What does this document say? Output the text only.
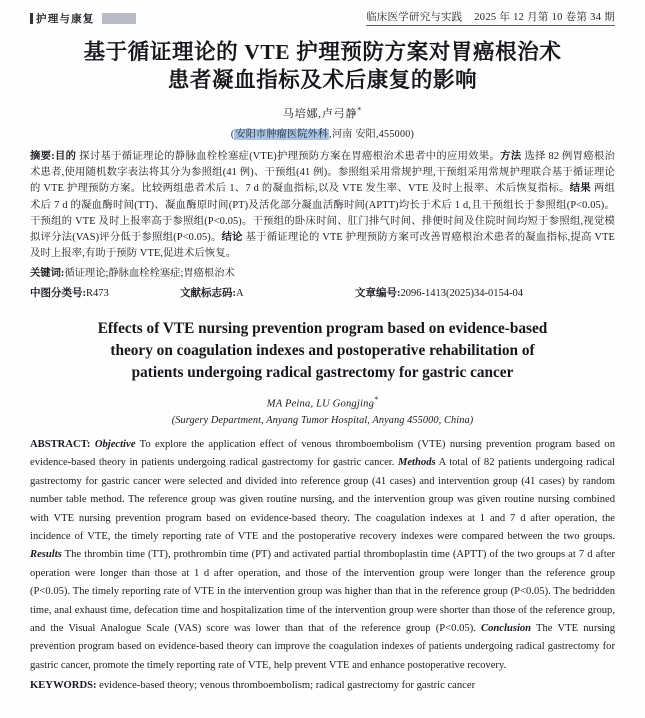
护理与康复	临床医学研究与实践 2025 年 12 月第 10 卷第 34 期
基于循证理论的 VTE 护理预防方案对胃癌根治术
患者凝血指标及术后康复的影响
马培娜,卢弓静*
(安阳市肿瘤医院外科,河南 安阳,455000)
摘要:目的 探讨基于循证理论的静脉血栓栓塞症(VTE)护理预防方案在胃癌根治术患者中的应用效果。方法 选择 82 例胃癌根治术患者,使用随机数字表法将其分为参照组(41 例)、干预组(41 例)。参照组采用常规护理,干预组采用常规护理联合基于循证理论的 VTE 护理预防方案。比较两组患者术后 1、7 d 的凝血指标,以及 VTE 发生率、VTE 及时上报率、术后恢复指标。结果 两组术后 7 d 的凝血酶时间(TT)、凝血酶原时间(PT)及活化部分凝血活酶时间(APTT)均长于术后 1 d,且干预组长于参照组(P<0.05)。干预组的 VTE 及时上报率高于参照组(P<0.05)。干预组的卧床时间、肛门排气时间、排便时间及住院时间均短于参照组,视觉模拟评分法(VAS)评分低于参照组(P<0.05)。结论 基于循证理论的 VTE 护理预防方案可改善胃癌根治术患者的凝血指标,提高 VTE 及时上报率,有助于预防 VTE,促进术后恢复。
关键词:循证理论;静脉血栓栓塞症;胃癌根治术
中图分类号:R473	文献标志码:A	文章编号:2096-1413(2025)34-0154-04
Effects of VTE nursing prevention program based on evidence-based
theory on coagulation indexes and postoperative rehabilitation of
patients undergoing radical gastrectomy for gastric cancer
MA Peina, LU Gongjing*
(Surgery Department, Anyang Tumor Hospital, Anyang 455000, China)
ABSTRACT: Objective To explore the application effect of venous thromboembolism (VTE) nursing prevention program based on evidence-based theory in patients undergoing radical gastrectomy for gastric cancer. Methods A total of 82 patients undergoing radical gastrectomy for gastric cancer were selected and divided into reference group (41 cases) and intervention group (41 cases) by random number table method. The reference group was given routine nursing, and the intervention group was given routine nursing combined with VTE nursing prevention program based on evidence-based theory. The coagulation indexes at 1 and 7 d after operation, the incidence of VTE, the timely reporting rate of VTE and the postoperative recovery indexes were compared between the two groups. Results The thrombin time (TT), prothrombin time (PT) and activated partial thromboplastin time (APTT) of the two groups at 7 d after operation were longer than those at 1 d after operation, and those of the intervention group were longer than the reference group (P<0.05). The timely reporting rate of VTE in the intervention group was higher than that in the reference group (P<0.05). The bedridden time, anal exhaust time, defecation time and hospitalization time of the intervention group were shorter than those of the reference group, and the Visual Analogue Scale (VAS) score was lower than that of the reference group (P<0.05). Conclusion The VTE nursing prevention program based on evidence-based theory can improve the coagulation indexes of patients undergoing radical gastrectomy for gastric cancer, promote the timely reporting rate of VTE, help prevent VTE and enhance postoperative recovery.
KEYWORDS: evidence-based theory; venous thromboembolism; radical gastrectomy for gastric cancer
